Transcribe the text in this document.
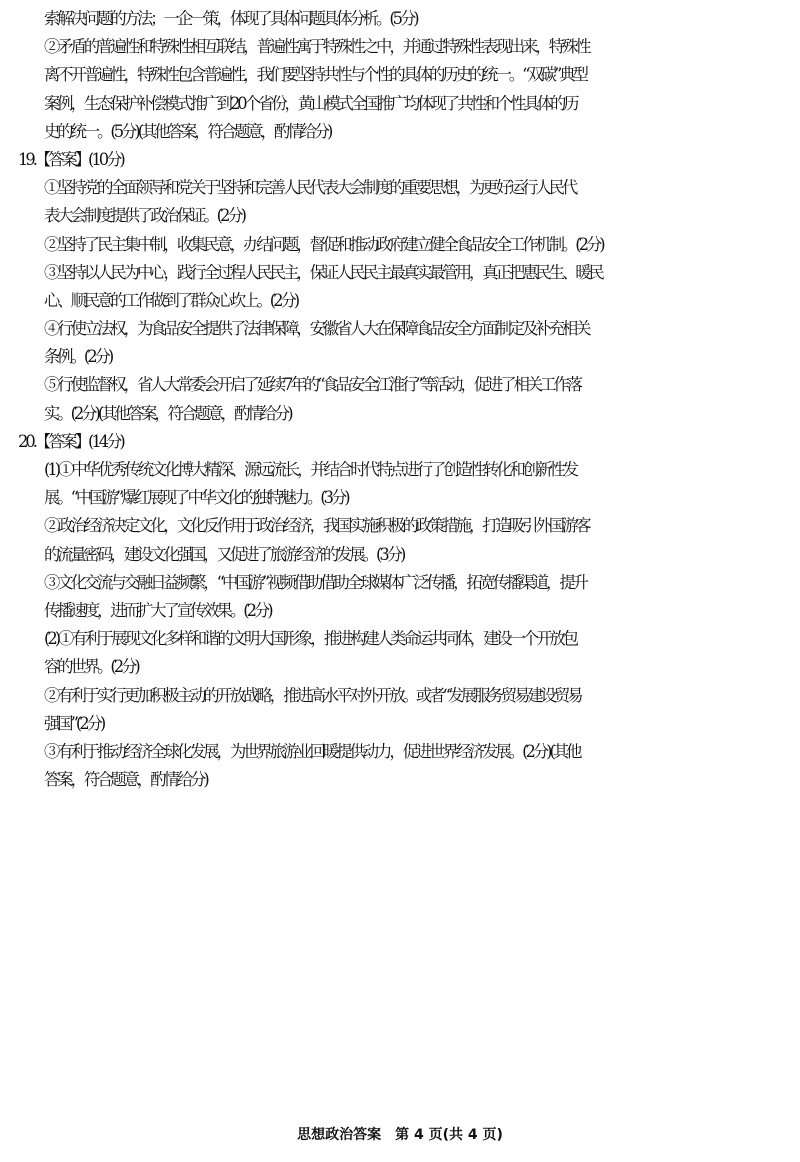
索解决问题的方法；一企一策，体现了具体问题具体分析。(5分)
②矛盾的普遍性和特殊性相互联结，普遍性寓于特殊性之中，并通过特殊性表现出来，特殊性
离不开普遍性，特殊性包含普遍性，我们要坚持共性与个性的具体的历史的统一。“双碳”典型
案例，生态保护补偿模式推广到20个省份，黄山模式全国推广均体现了共性和个性具体的历
史的统一。(5分)(其他答案，符合题意，酌情给分)
19.【答案】(10分)
①坚持党的全面领导和党关于坚持和完善人民代表大会制度的重要思想，为更好运行人民代
表大会制度提供了政治保证。(2分)
②坚持了民主集中制，收集民意，办结问题，督促和推动政府建立健全食品安全工作机制。(2分)
③坚持以人民为中心，践行全过程人民民主，保证人民民主最真实最管用，真正把惠民生、暖民
心、顺民意的工作做到了群众心坎上。(2分)
④行使立法权，为食品安全提供了法律保障，安徽省人大在保障食品安全方面制定及补充相关
条例。(2分)
⑤行使监督权，省人大常委会开启了延续7年的“食品安全江淮行”等活动，促进了相关工作落
实。(2分)(其他答案，符合题意，酌情给分)
20.【答案】(14分)
(1)①中华优秀传统文化博大精深、源远流长，并结合时代特点进行了创造性转化和创新性发
展。“中国游”爆红展现了中华文化的独特魅力。(3分)
②政治经济决定文化，文化反作用于政治经济，我国实施积极的政策措施，打造吸引外国游客
的流量密码，建设文化强国，又促进了旅游经济的发展。(3分)
③文化交流与交融日益频繁，“中国游”视频借助借助全球媒体广泛传播，拓宽传播渠道，提升
传播速度，进而扩大了宣传效果。(2分)
(2)①有利于展现文化多样和谐的文明大国形象，推进构建人类命运共同体，建设一个开放包
容的世界。(2分)
②有利于实行更加积极主动的开放战略，推进高水平对外开放。或者“发展服务贸易建设贸易
强国”(2分)
③有利于推动经济全球化发展，为世界旅游业回暖提供动力，促进世界经济发展。(2分)(其他
答案，符合题意，酌情给分)
思想政治答案　第 4 页(共 4 页)
